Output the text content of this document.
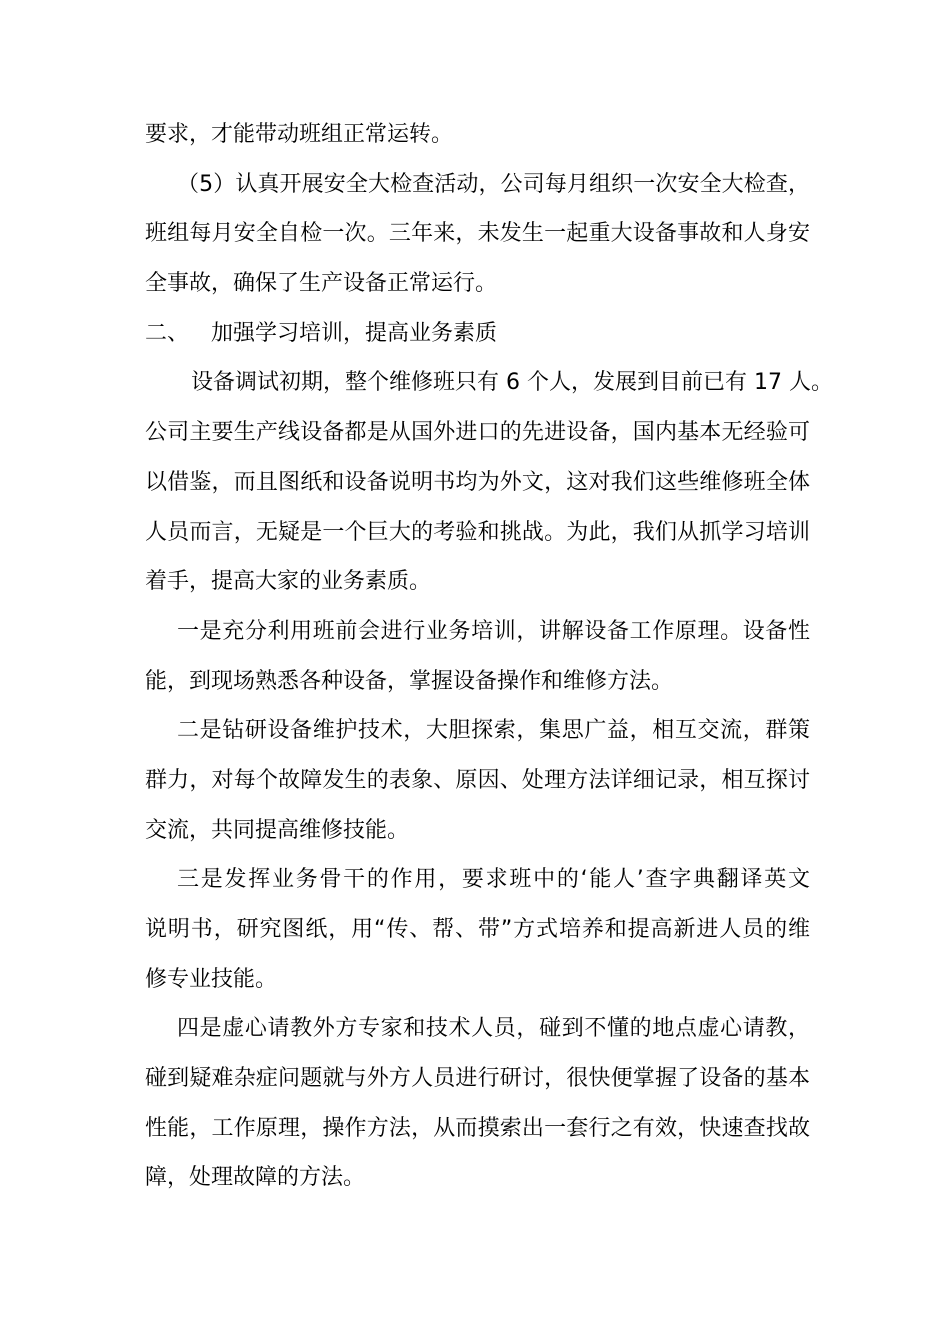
要求，才能带动班组正常运转。
（5）认真开展安全大检查活动，公司每月组织一次安全大检查，
班组每月安全自检一次。三年来，未发生一起重大设备事故和人身安
全事故，确保了生产设备正常运行。
二、 加强学习培训，提高业务素质
设备调试初期，整个维修班只有 6 个人，发展到目前已有 17 人。
公司主要生产线设备都是从国外进口的先进设备，国内基本无经验可
以借鉴，而且图纸和设备说明书均为外文，这对我们这些维修班全体
人员而言，无疑是一个巨大的考验和挑战。为此，我们从抓学习培训
着手，提高大家的业务素质。
一是充分利用班前会进行业务培训，讲解设备工作原理。设备性
能，到现场熟悉各种设备，掌握设备操作和维修方法。
二是钻研设备维护技术，大胆探索，集思广益，相互交流，群策
群力，对每个故障发生的表象、原因、处理方法详细记录，相互探讨
交流，共同提高维修技能。
三是发挥业务骨干的作用，要求班中的‘能人’查字典翻译英文
说明书，研究图纸，用“传、帮、带”方式培养和提高新进人员的维
修专业技能。
四是虚心请教外方专家和技术人员，碰到不懂的地点虚心请教，
碰到疑难杂症问题就与外方人员进行研讨，很快便掌握了设备的基本
性能，工作原理，操作方法，从而摸索出一套行之有效，快速查找故
障，处理故障的方法。
